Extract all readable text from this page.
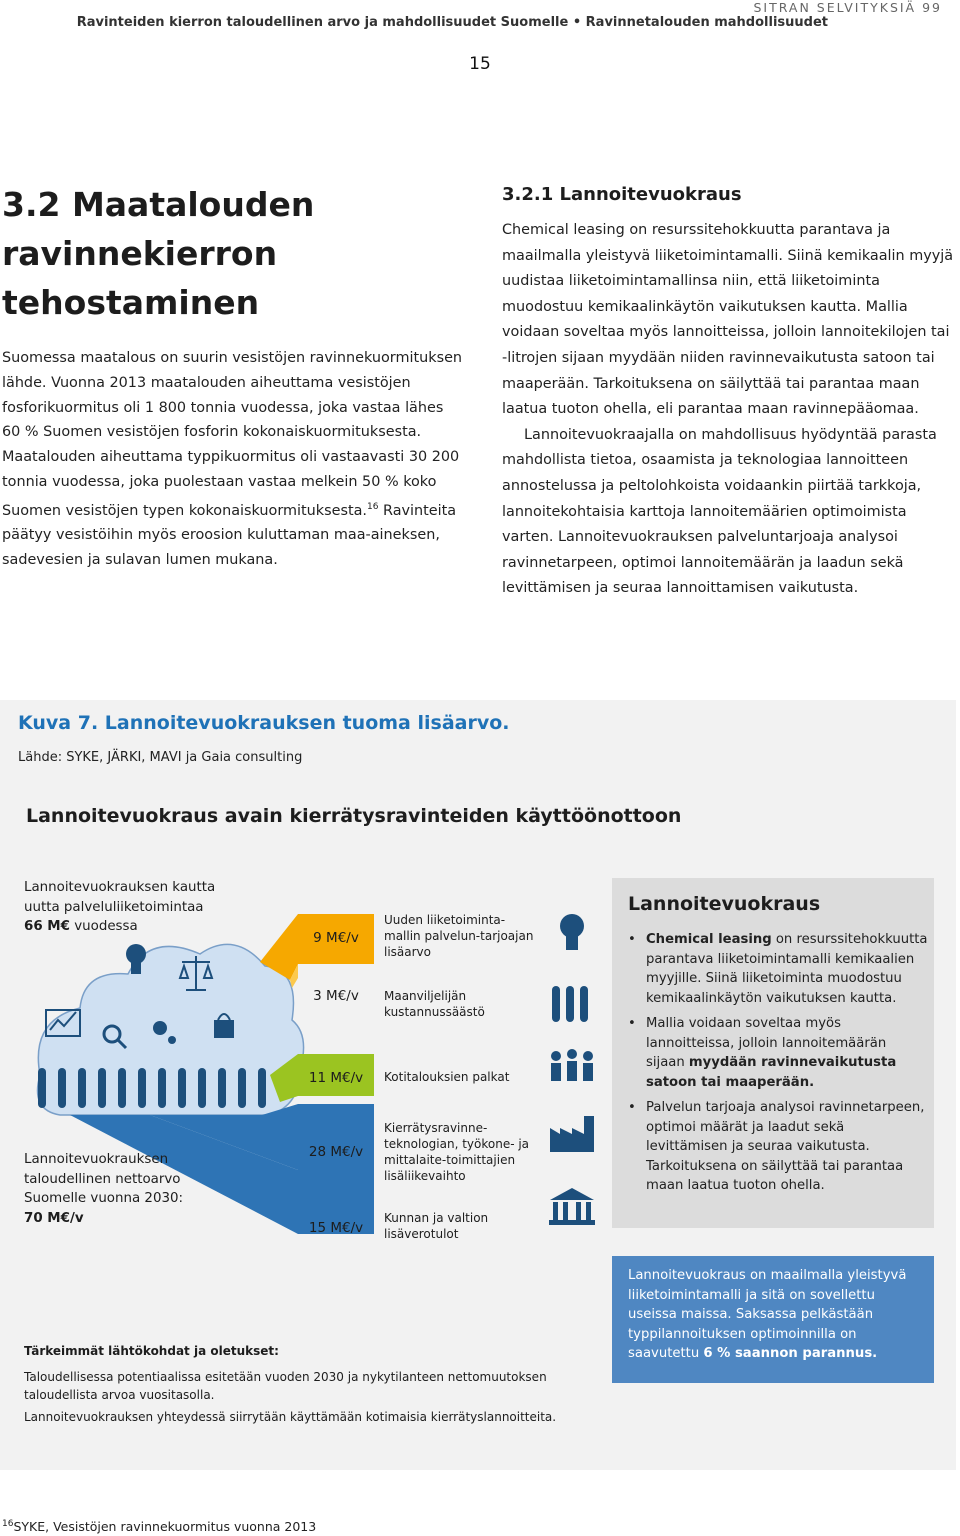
SITRAN SELVITYKSIÄ 99
Ravinteiden kierron taloudellinen arvo ja mahdollisuudet Suomelle • Ravinnetalouden mahdollisuudet
15
3.2 Maatalouden
ravinnekierron
tehostaminen
Suomessa maatalous on suurin vesistöjen ravinnekuormituksen lähde. Vuonna 2013 maatalouden aiheuttama vesistöjen fosforikuormitus oli 1 800 tonnia vuodessa, joka vastaa lähes 60 % Suomen vesistöjen fosforin kokonaiskuormituksesta. Maatalouden aiheuttama typpikuormitus oli vastaavasti 30 200 tonnia vuodessa, joka puolestaan vastaa melkein 50 % koko Suomen vesistöjen typen kokonaiskuormituksesta.$^{16}$ Ravinteita päätyy vesistöihin myös eroosion kuluttaman maa-aineksen, sadevesien ja sulavan lumen mukana.
3.2.1 Lannoitevuokraus

Chemical leasing on resurssitehokkuutta parantava ja maailmalla yleistyvä liiketoimintamalli. Siinä kemikaalin myyjä uudistaa liiketoimintamallinsa niin, että liiketoiminta muodostuu kemikaalinkäytön vaikutuksen kautta. Mallia voidaan soveltaa myös lannoitteissa, jolloin lannoitekilojen tai -litrojen sijaan myydään niiden ravinnevaikutusta satoon tai maaperään. Tarkoituksena on säilyttää tai parantaa maan laatua tuoton ohella, eli parantaa maan ravinnepääomaa.

Lannoitevuokraajalla on mahdollisuus hyödyntää parasta mahdollista tietoa, osaamista ja teknologiaa lannoitteen annostelussa ja peltolohkoista voidaankin piirtää tarkkoja, lannoitekohtaisia karttoja lannoitemäärien optimoimista varten. Lannoitevuokrauksen palveluntarjoaja analysoi ravinnetarpeen, optimoi lannoitemäärän ja laadun sekä levittämisen ja seuraa lannoittamisen vaikutusta.

Kuva 7. Lannoitevuokrauksen tuoma lisäarvo.
Lähde: SYKE, JÄRKI, MAVI ja Gaia consulting
Lannoitevuokraus avain kierrätysravinteiden käyttöönottoon
Lannoitevuokrauksen kautta
uutta palveluliiketoimintaa
66 M€ vuodessa
9 M€/v
3 M€/v
11 M€/v
28 M€/v
15 M€/v
Uuden liiketoiminta-
mallin palvelun-tarjoajan
lisäarvo
Maanviljelijän
kustannussäästö
Kotitalouksien palkat
Kierrätysravinne-
teknologian, työkone- ja
mittalaite-toimittajien
lisäliikevaihto
Kunnan ja valtion
lisäverotulot
Lannoitevuokrauksen
taloudellinen nettoarvo
Suomelle vuonna 2030:
70 M€/v
Lannoitevuokraus
• Chemical leasing on resurssitehokkuutta parantava liiketoimintamalli kemikaalien myyjille. Siinä liiketoiminta muodostuu kemikaalinkäytön vaikutuksen kautta.
• Mallia voidaan soveltaa myös lannoitteissa, jolloin lannoitemäärän sijaan myydään ravinnevaikutusta satoon tai maaperään.
• Palvelun tarjoaja analysoi ravinnetarpeen, optimoi määrät ja laadut sekä levittämisen ja seuraa vaikutusta. Tarkoituksena on säilyttää tai parantaa maan laatua tuoton ohella.
Lannoitevuokraus on maailmalla yleistyvä liiketoimintamalli ja sitä on sovellettu useissa maissa. Saksassa pelkästään typpilannoituksen optimoinnilla on saavutettu 6 % saannon parannus.
Tärkeimmät lähtökohdat ja oletukset:
Taloudellisessa potentiaalissa esitetään vuoden 2030 ja nykytilanteen nettomuutoksen taloudellista arvoa vuositasolla.
Lannoitevuokrauksen yhteydessä siirrytään käyttämään kotimaisia kierrätyslannoitteita.
$^{16}$SYKE, Vesistöjen ravinnekuormitus vuonna 2013
